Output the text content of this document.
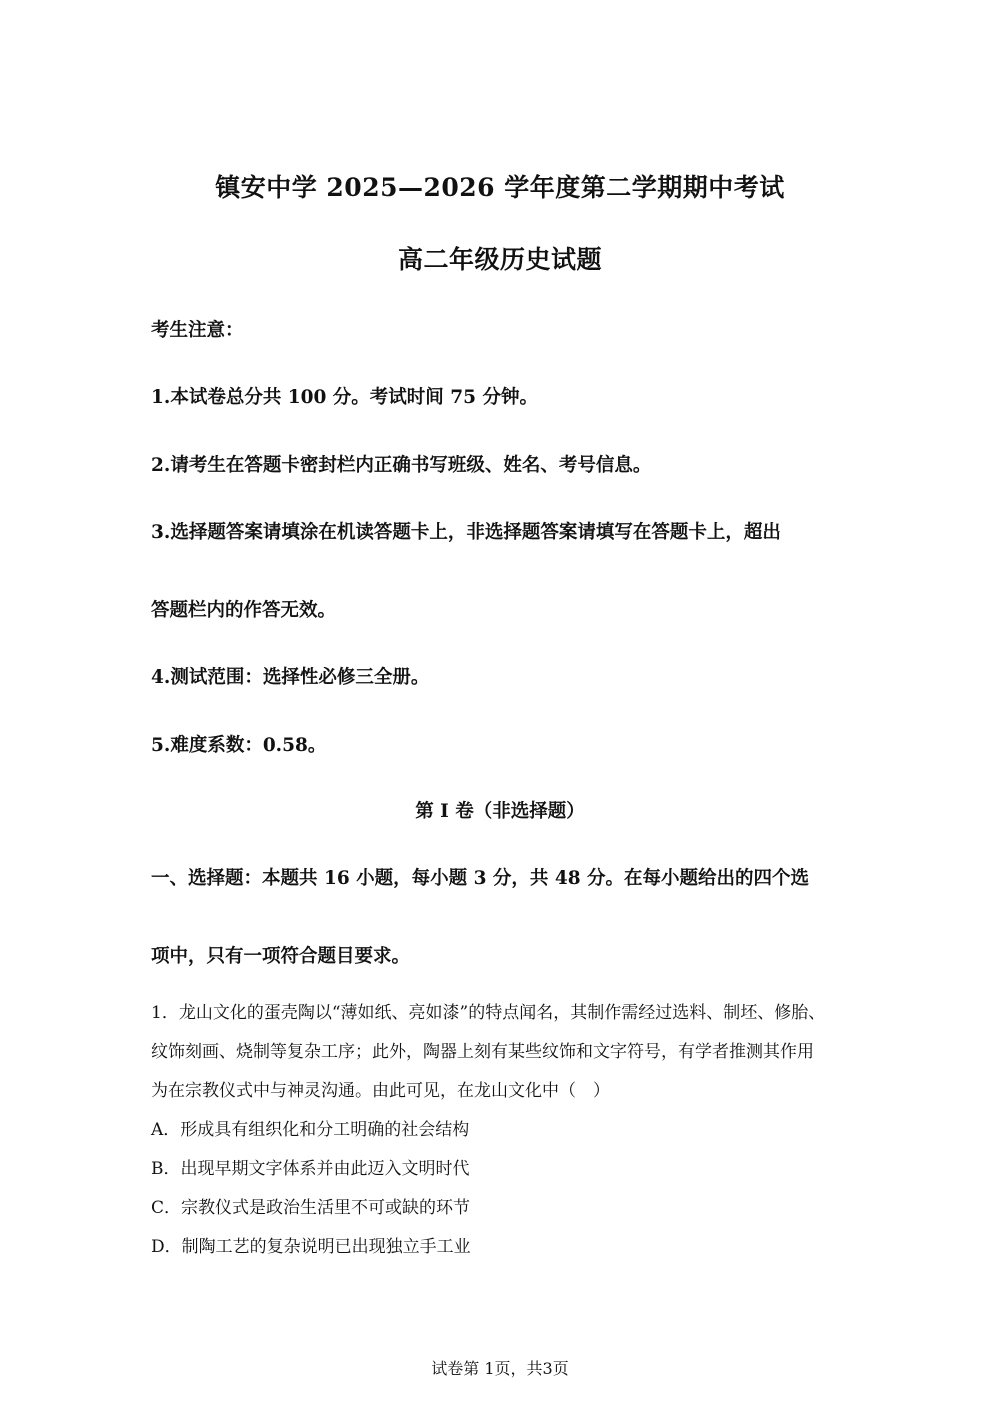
镇安中学 2025—2026 学年度第二学期期中考试
高二年级历史试题
考生注意：
1.本试卷总分共 100 分。考试时间 75 分钟。
2.请考生在答题卡密封栏内正确书写班级、姓名、考号信息。
3.选择题答案请填涂在机读答题卡上，非选择题答案请填写在答题卡上，超出
答题栏内的作答无效。
4.测试范围：选择性必修三全册。
5.难度系数：0.58。
第 I 卷（非选择题）
一、选择题：本题共 16 小题，每小题 3 分，共 48 分。在每小题给出的四个选
项中，只有一项符合题目要求。
1．龙山文化的蛋壳陶以“薄如纸、亮如漆”的特点闻名，其制作需经过选料、制坯、修胎、
纹饰刻画、烧制等复杂工序；此外，陶器上刻有某些纹饰和文字符号，有学者推测其作用
为在宗教仪式中与神灵沟通。由此可见，在龙山文化中（　）
A．形成具有组织化和分工明确的社会结构
B．出现早期文字体系并由此迈入文明时代
C．宗教仪式是政治生活里不可或缺的环节
D．制陶工艺的复杂说明已出现独立手工业
试卷第 1页，共3页
